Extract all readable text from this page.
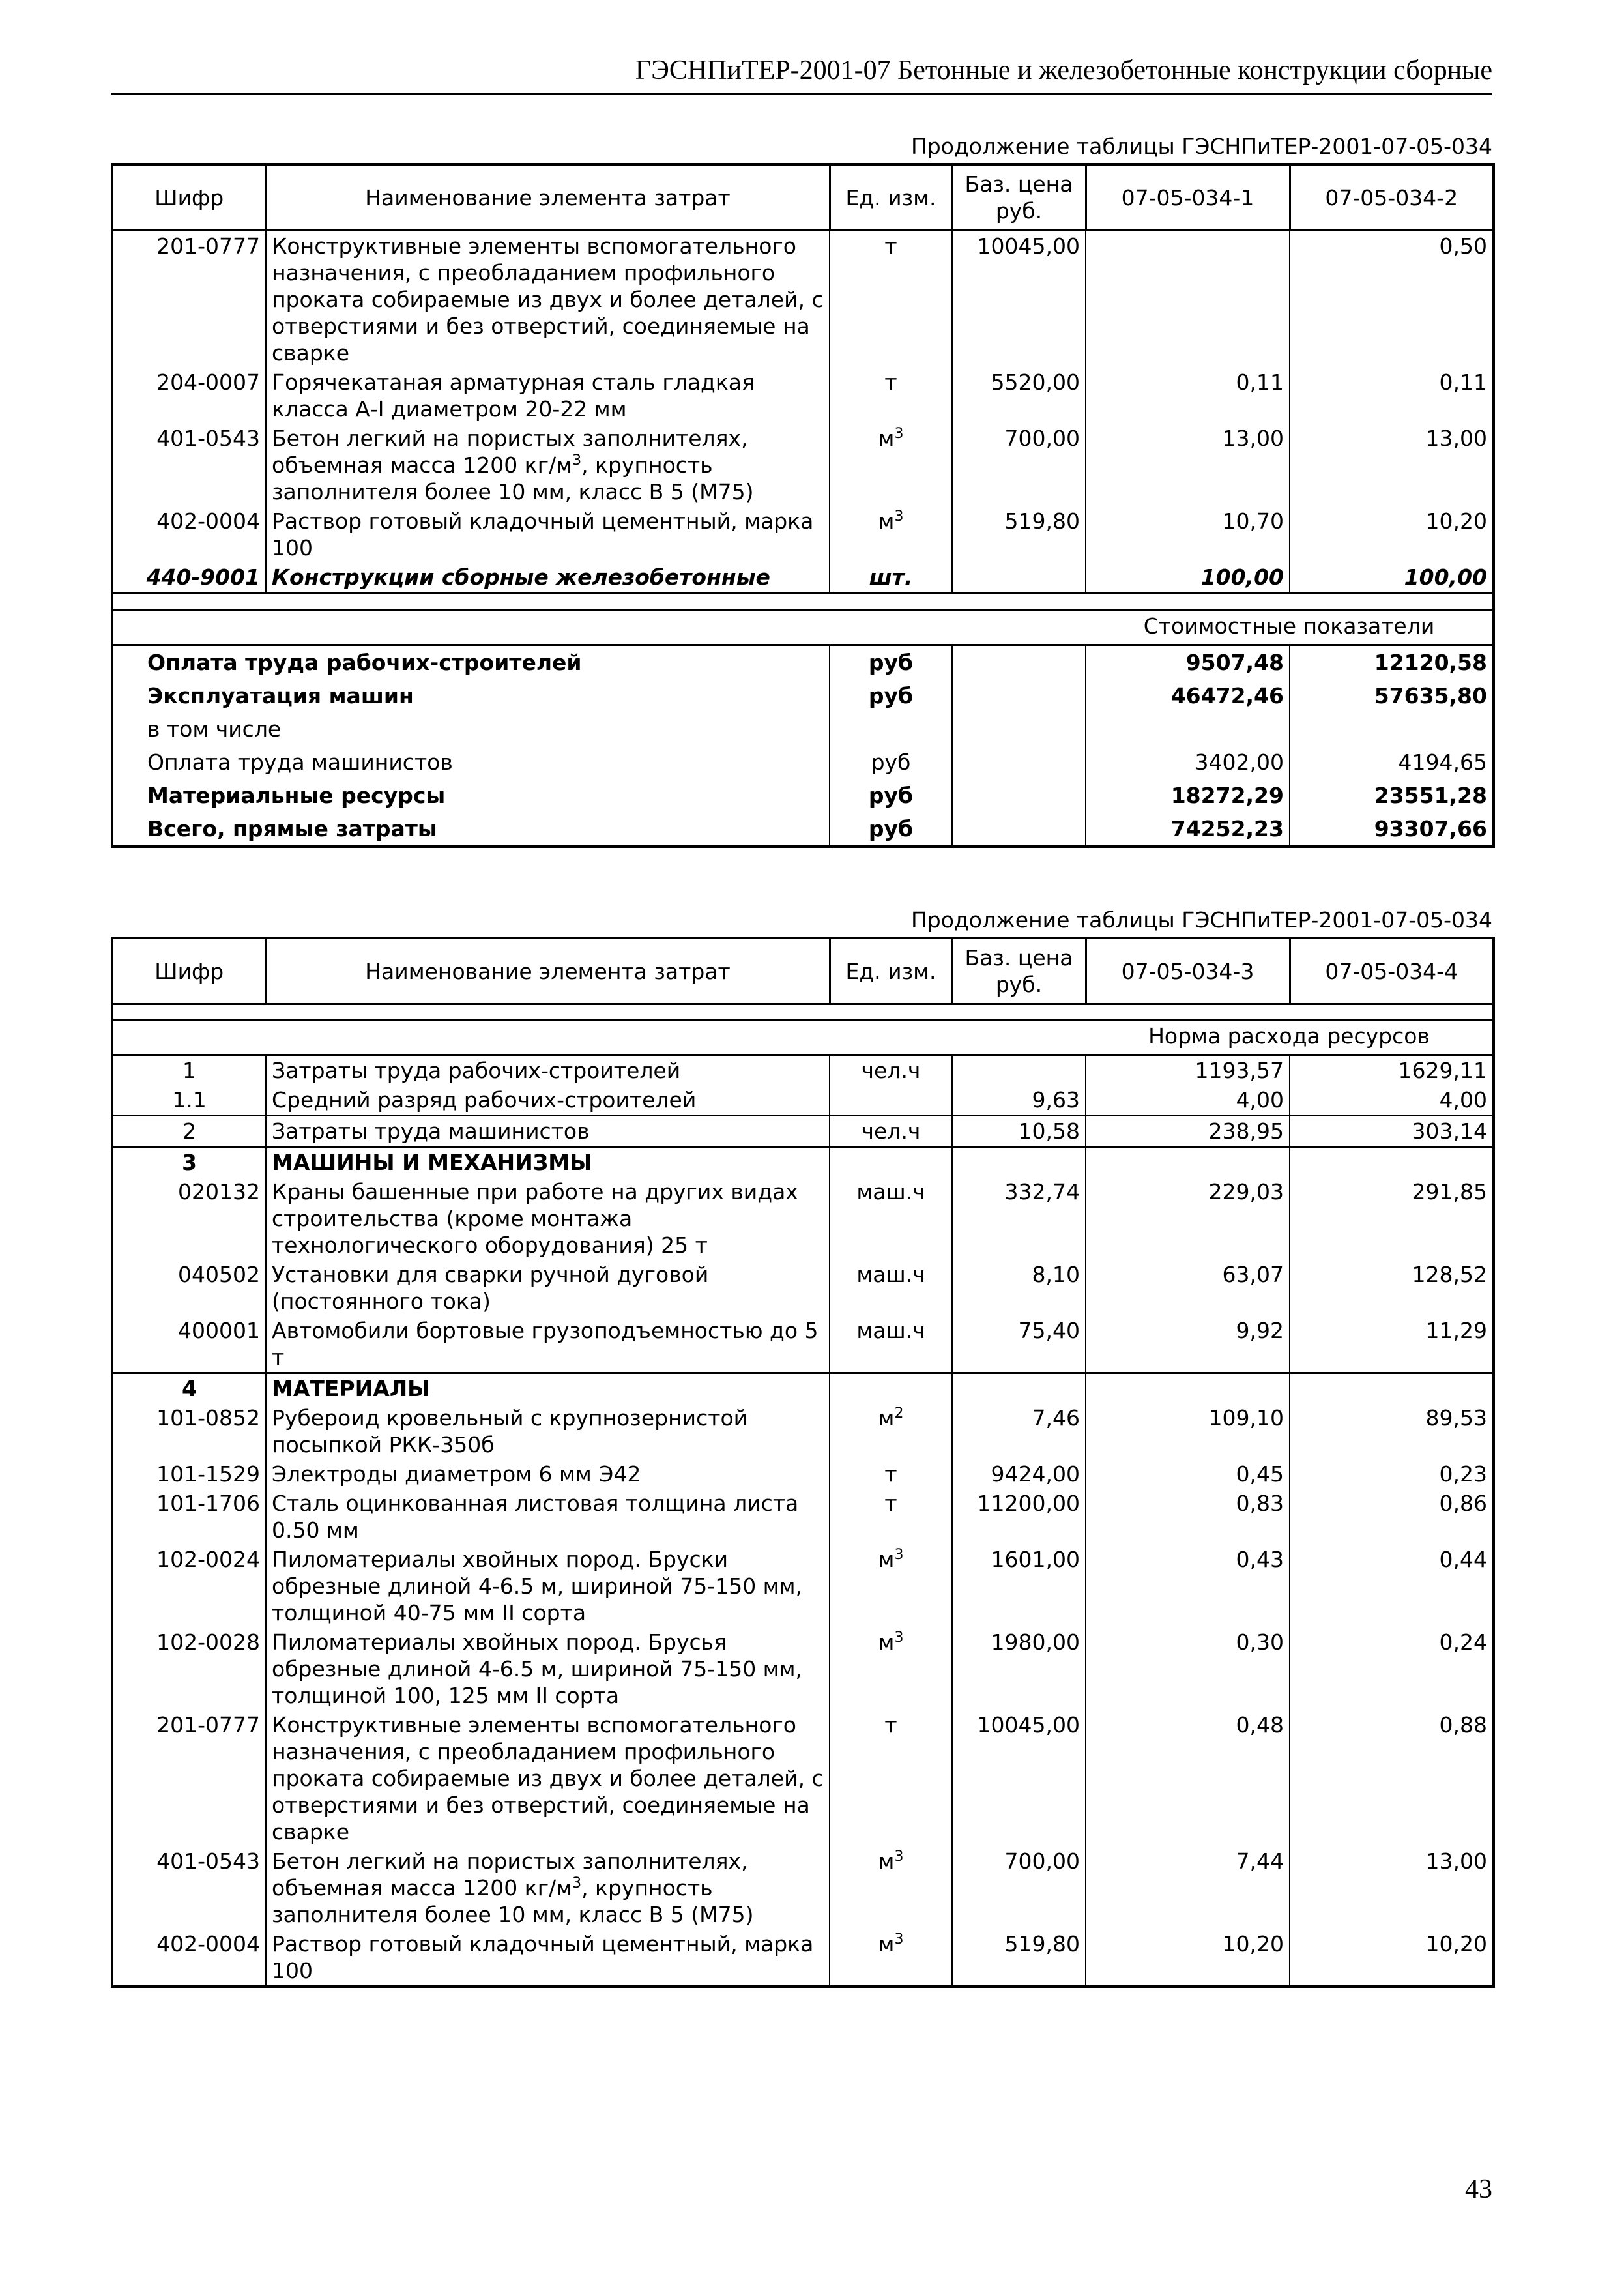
ГЭСНПиТЕР-2001-07 Бетонные и железобетонные конструкции сборные
Продолжение таблицы ГЭСНПиТЕР-2001-07-05-034
Шифр	Наименование элемента затрат	Ед. изм.	Баз. цена руб.	07-05-034-1	07-05-034-2
201-0777	Конструктивные элементы вспомогательного назначения, с преобладанием профильного проката собираемые из двух и более деталей, с отверстиями и без отверстий, соединяемые на сварке	т	10045,00		0,50
204-0007	Горячекатаная арматурная сталь гладкая класса А-I диаметром 20-22 мм	т	5520,00	0,11	0,11
401-0543	Бетон легкий на пористых заполнителях, объемная масса 1200 $кг/м^3$, крупность заполнителя более 10 мм, класс В 5 (М75)	$м^3$	700,00	13,00	13,00
402-0004	Раствор готовый кладочный цементный, марка 100	$м^3$	519,80	10,70	10,20
440-9001	Конструкции сборные железобетонные	шт.		100,00	100,00

				Стоимостные показатели	
Оплата труда рабочих-строителей		руб		9507,48	12120,58
Эксплуатация машин		руб		46472,46	57635,80
в том числе					
Оплата труда машинистов		руб		3402,00	4194,65
Материальные ресурсы		руб		18272,29	23551,28
Всего, прямые затраты		руб		74252,23	93307,66
Продолжение таблицы ГЭСНПиТЕР-2001-07-05-034
Шифр	Наименование элемента затрат	Ед. изм.	Баз. цена руб.	07-05-034-3	07-05-034-4

				Норма расхода ресурсов	
1	Затраты труда рабочих-строителей	чел.ч		1193,57	1629,11
1.1	Средний разряд рабочих-строителей		9,63	4,00	4,00
2	Затраты труда машинистов	чел.ч	10,58	238,95	303,14
3	МАШИНЫ И МЕХАНИЗМЫ				
020132	Краны башенные при работе на других видах строительства (кроме монтажа технологического оборудования) 25 т	маш.ч	332,74	229,03	291,85
040502	Установки для сварки ручной дуговой (постоянного тока)	маш.ч	8,10	63,07	128,52
400001	Автомобили бортовые грузоподъемностью до 5 т	маш.ч	75,40	9,92	11,29
4	МАТЕРИАЛЫ				
101-0852	Рубероид кровельный с крупнозернистой посыпкой РКК-350б	$м^2$	7,46	109,10	89,53
101-1529	Электроды диаметром 6 мм Э42	т	9424,00	0,45	0,23
101-1706	Сталь оцинкованная листовая толщина листа 0.50 мм	т	11200,00	0,83	0,86
102-0024	Пиломатериалы хвойных пород. Бруски обрезные длиной 4-6.5 м, шириной 75-150 мм, толщиной 40-75 мм II сорта	$м^3$	1601,00	0,43	0,44
102-0028	Пиломатериалы хвойных пород. Брусья обрезные длиной 4-6.5 м, шириной 75-150 мм, толщиной 100, 125 мм II сорта	$м^3$	1980,00	0,30	0,24
201-0777	Конструктивные элементы вспомогательного назначения, с преобладанием профильного проката собираемые из двух и более деталей, с отверстиями и без отверстий, соединяемые на сварке	т	10045,00	0,48	0,88
401-0543	Бетон легкий на пористых заполнителях, объемная масса 1200 $кг/м^3$, крупность заполнителя более 10 мм, класс В 5 (М75)	$м^3$	700,00	7,44	13,00
402-0004	Раствор готовый кладочный цементный, марка 100	$м^3$	519,80	10,20	10,20
43
